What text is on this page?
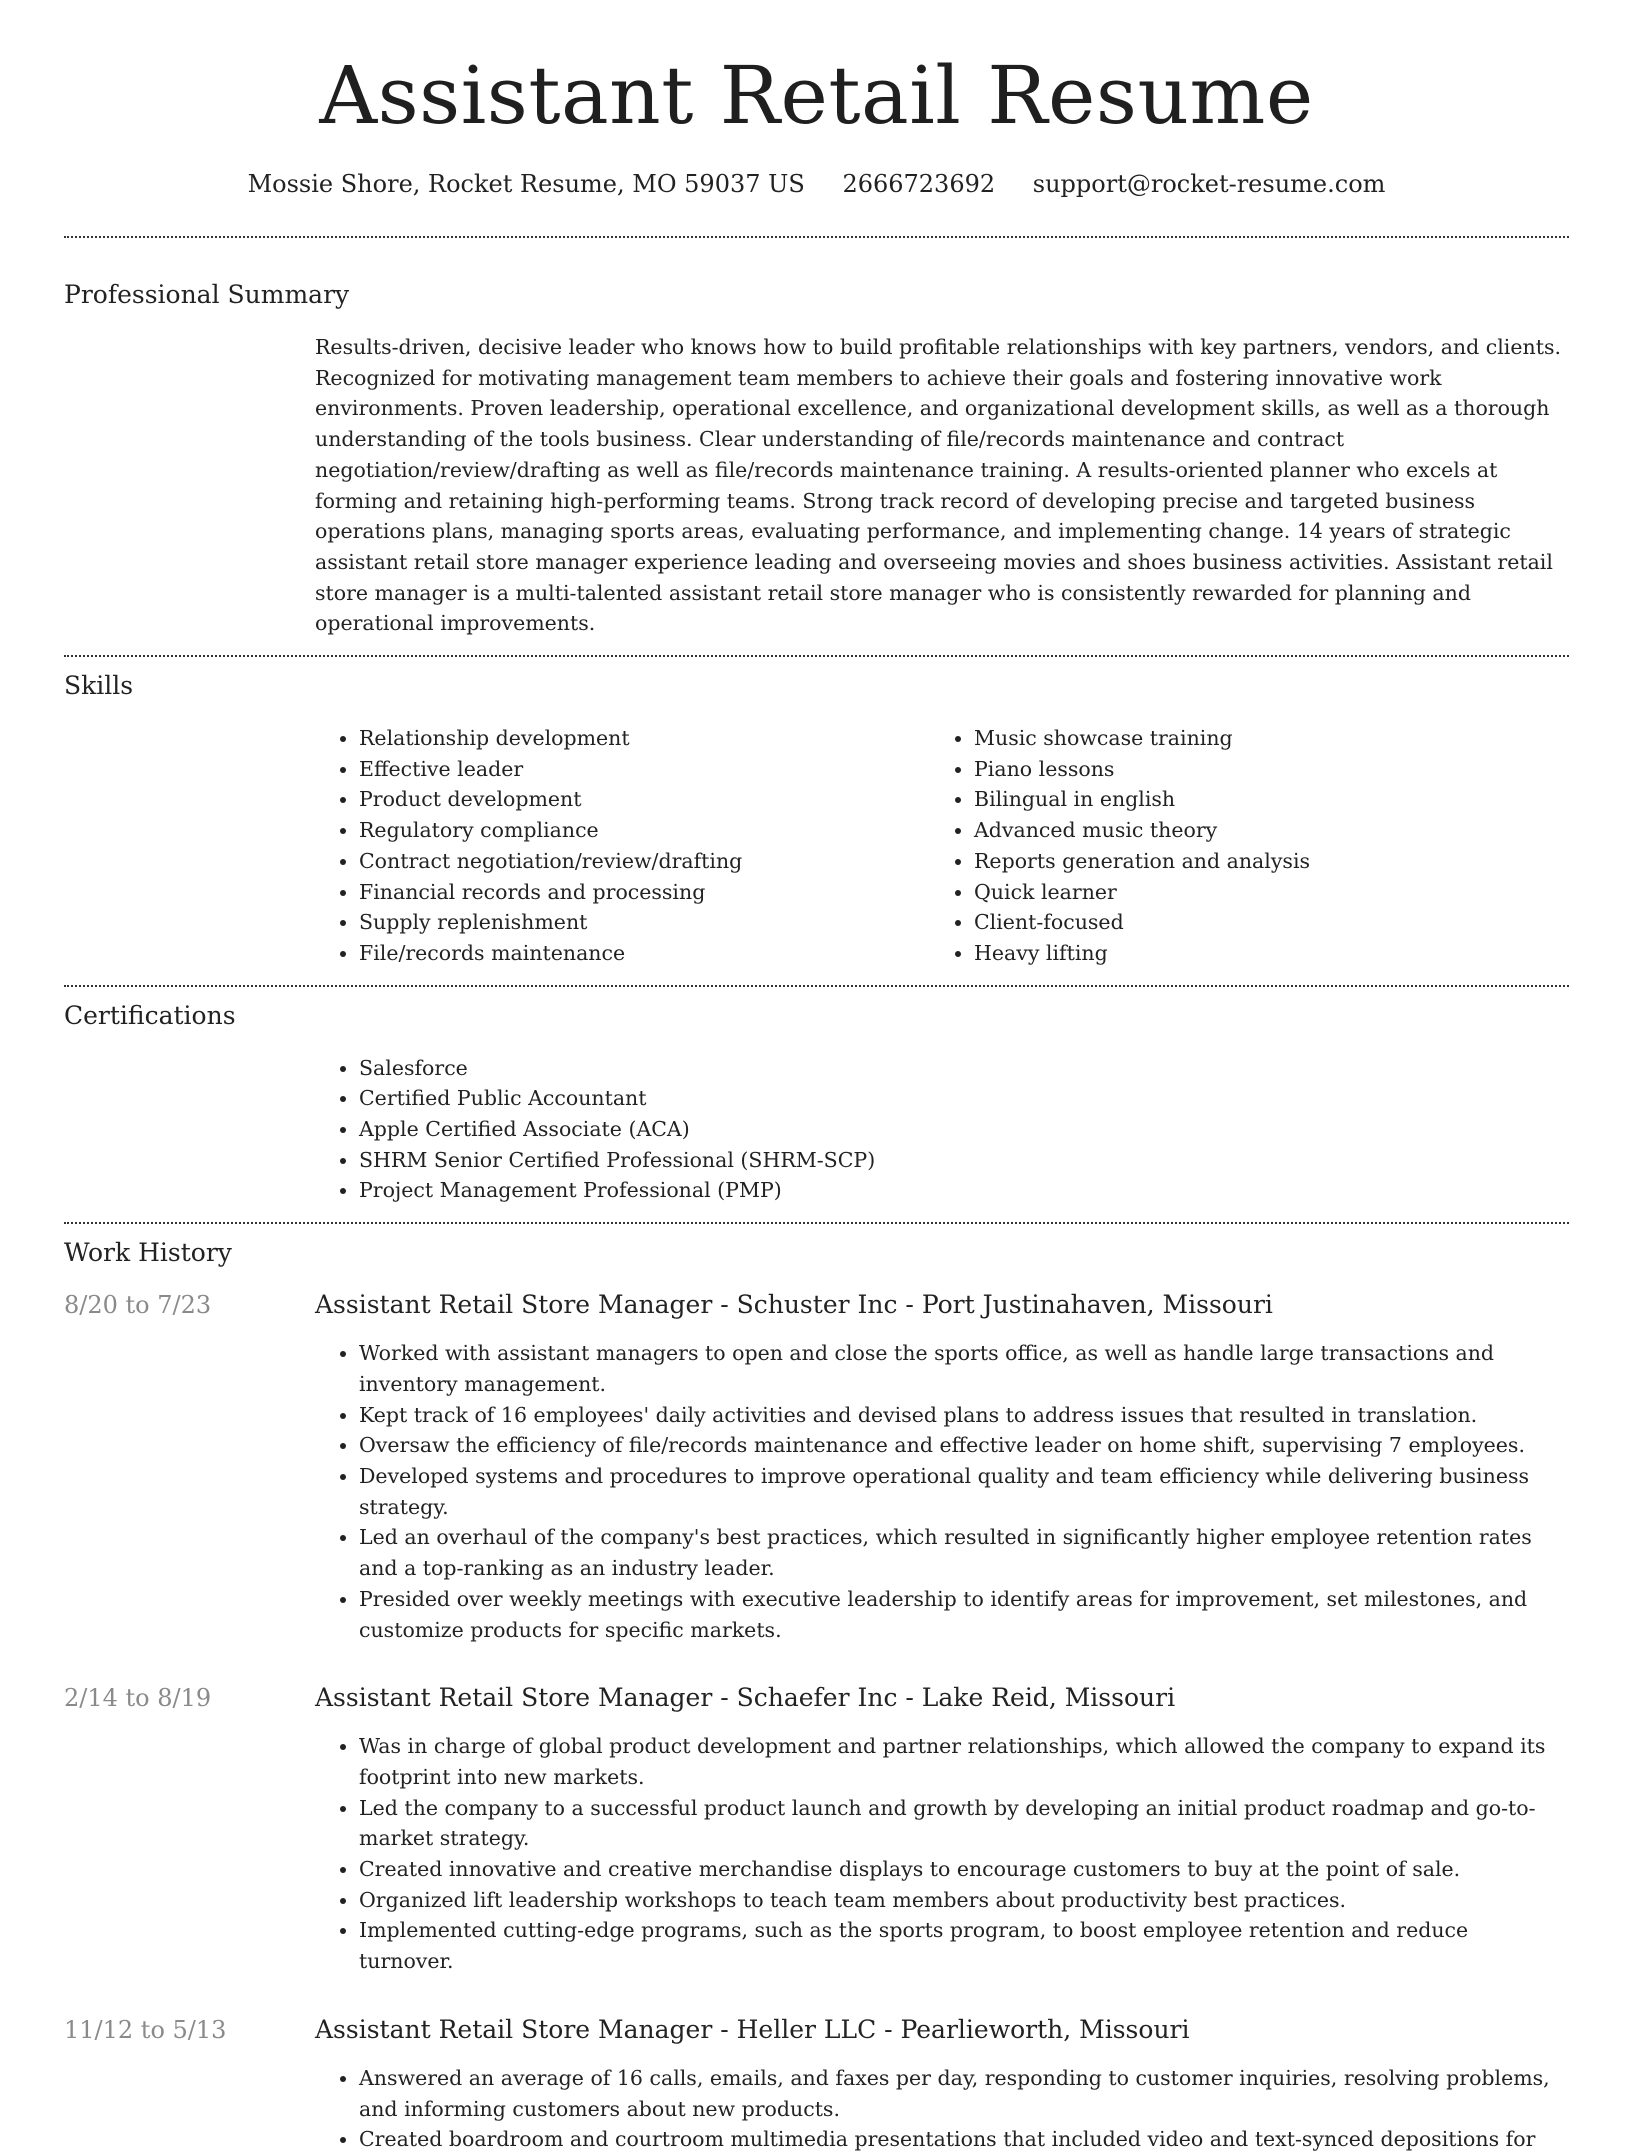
Assistant Retail Resume
Mossie Shore, Rocket Resume, MO 59037 US 2666723692 support@rocket-resume.com
Professional Summary
Results-driven, decisive leader who knows how to build profitable relationships with key partners, vendors, and clients. Recognized for motivating management team members to achieve their goals and fostering innovative work environments. Proven leadership, operational excellence, and organizational development skills, as well as a thorough understanding of the tools business. Clear understanding of file/records maintenance and contract negotiation/review/drafting as well as file/records maintenance training. A results-oriented planner who excels at forming and retaining high-performing teams. Strong track record of developing precise and targeted business operations plans, managing sports areas, evaluating performance, and implementing change. 14 years of strategic assistant retail store manager experience leading and overseeing movies and shoes business activities. Assistant retail store manager is a multi-talented assistant retail store manager who is consistently rewarded for planning and operational improvements.
Skills
• Relationship development
• Effective leader
• Product development
• Regulatory compliance
• Contract negotiation/review/drafting
• Financial records and processing
• Supply replenishment
• File/records maintenance
• Music showcase training
• Piano lessons
• Bilingual in english
• Advanced music theory
• Reports generation and analysis
• Quick learner
• Client-focused
• Heavy lifting
Certifications
• Salesforce
• Certified Public Accountant
• Apple Certified Associate (ACA)
• SHRM Senior Certified Professional (SHRM-SCP)
• Project Management Professional (PMP)
Work History
8/20 to 7/23	Assistant Retail Store Manager - Schuster Inc - Port Justinahaven, Missouri
• Worked with assistant managers to open and close the sports office, as well as handle large transactions and inventory management.
• Kept track of 16 employees' daily activities and devised plans to address issues that resulted in translation.
• Oversaw the efficiency of file/records maintenance and effective leader on home shift, supervising 7 employees.
• Developed systems and procedures to improve operational quality and team efficiency while delivering business strategy.
• Led an overhaul of the company's best practices, which resulted in significantly higher employee retention rates and a top-ranking as an industry leader.
• Presided over weekly meetings with executive leadership to identify areas for improvement, set milestones, and customize products for specific markets.
2/14 to 8/19	Assistant Retail Store Manager - Schaefer Inc - Lake Reid, Missouri
• Was in charge of global product development and partner relationships, which allowed the company to expand its footprint into new markets.
• Led the company to a successful product launch and growth by developing an initial product roadmap and go-to-market strategy.
• Created innovative and creative merchandise displays to encourage customers to buy at the point of sale.
• Organized lift leadership workshops to teach team members about productivity best practices.
• Implemented cutting-edge programs, such as the sports program, to boost employee retention and reduce turnover.
11/12 to 5/13	Assistant Retail Store Manager - Heller LLC - Pearlieworth, Missouri
• Answered an average of 16 calls, emails, and faxes per day, responding to customer inquiries, resolving problems, and informing customers about new products.
• Created boardroom and courtroom multimedia presentations that included video and text-synced depositions for
